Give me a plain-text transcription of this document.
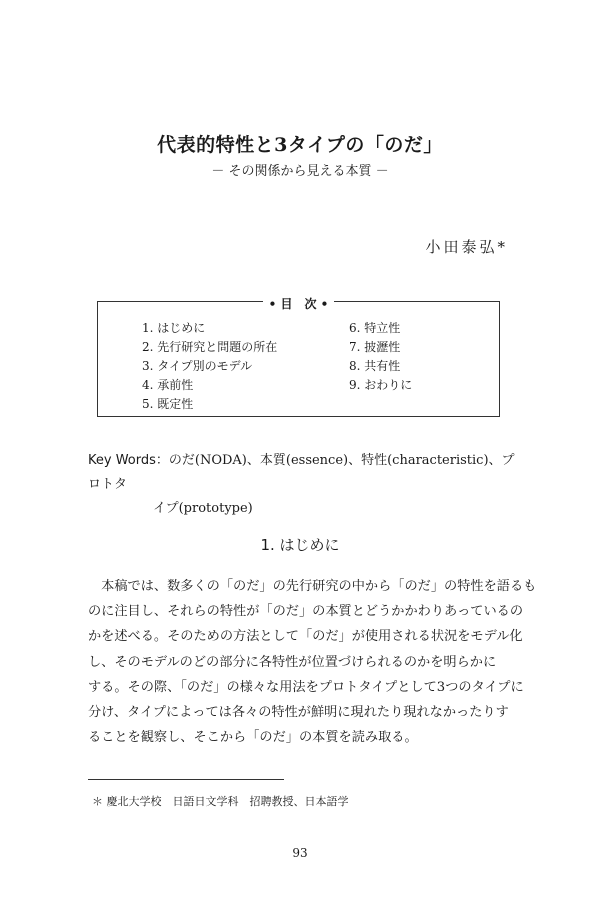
代表的特性と3タイプの「のだ」
－ その関係から見える本質 －
小田泰弘*
• 目　次 •
1. はじめに
2. 先行研究と問題の所在
3. タイプ別のモデル
4. 承前性
5. 既定性
6. 特立性
7. 披瀝性
8. 共有性
9. おわりに
Key Words：のだ(NODA)、本質(essence)、特性(characteristic)、プロトタ
イプ(prototype)
1. はじめに
　本稿では、数多くの「のだ」の先行研究の中から「のだ」の特性を語るも
のに注目し、それらの特性が「のだ」の本質とどうかかわりあっているの
かを述べる。そのための方法として「のだ」が使用される状況をモデル化
し、そのモデルのどの部分に各特性が位置づけられるのかを明らかに
する。その際、「のだ」の様々な用法をプロトタイプとして3つのタイプに
分け、タイプによっては各々の特性が鮮明に現れたり現れなかったりす
ることを観察し、そこから「のだ」の本質を読み取る。
＊ 慶北大学校　日語日文学科　招聘教授、日本語学
93
